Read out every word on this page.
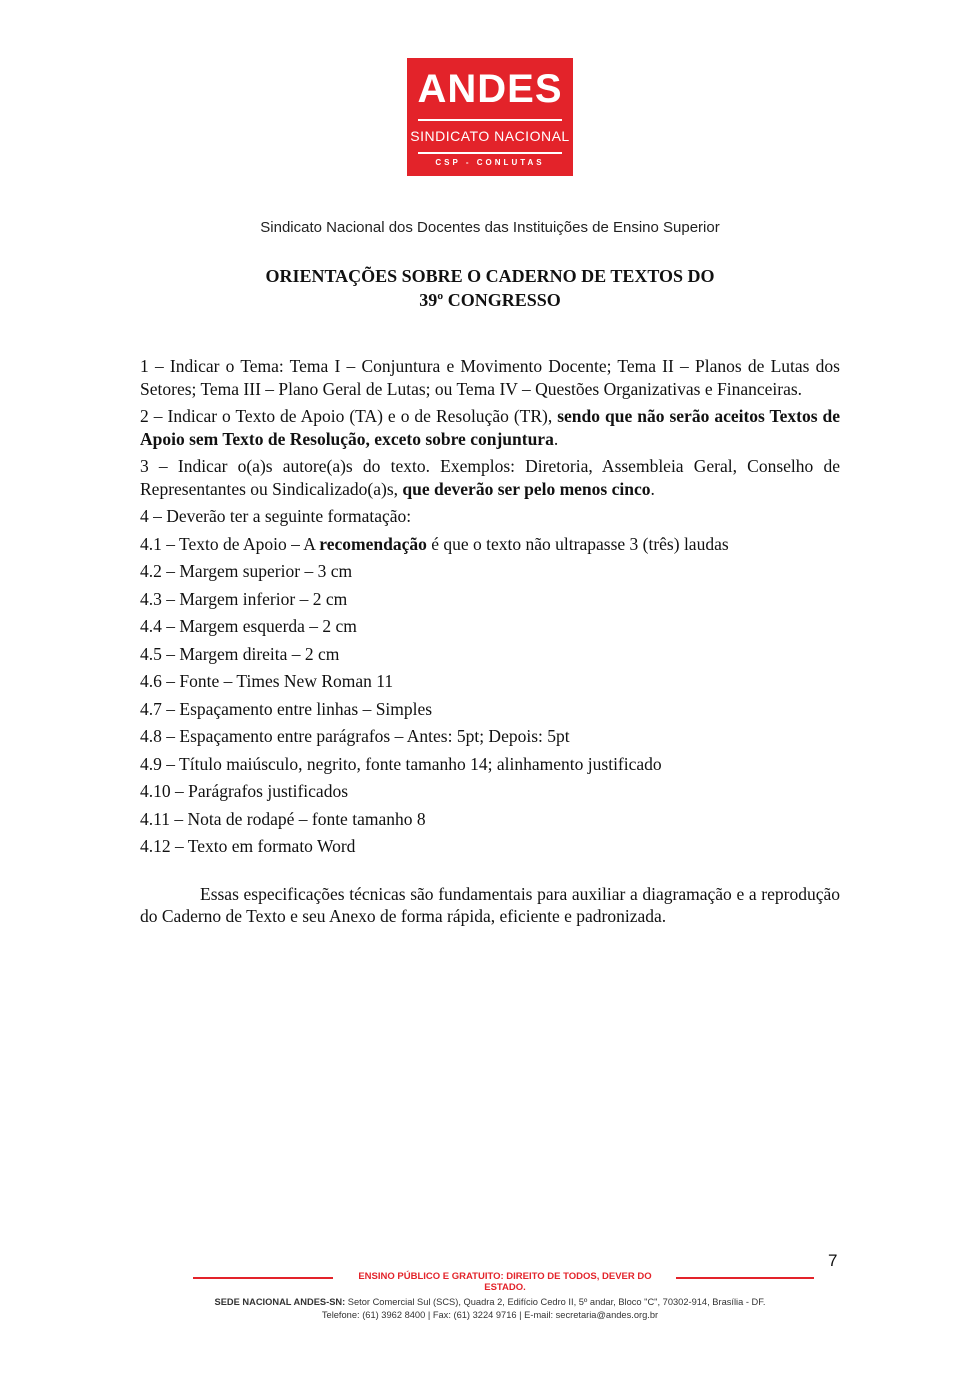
ANDES
SINDICATO NACIONAL
CSP - CONLUTAS
Sindicato Nacional dos Docentes das Instituições de Ensino Superior
ORIENTAÇÕES SOBRE O CADERNO DE TEXTOS DO
39º CONGRESSO

1 – Indicar o Tema: Tema I – Conjuntura e Movimento Docente; Tema II – Planos de Lutas dos Setores; Tema III – Plano Geral de Lutas; ou Tema IV – Questões Organizativas e Financeiras.

2 – Indicar o Texto de Apoio (TA) e o de Resolução (TR), sendo que não serão aceitos Textos de Apoio sem Texto de Resolução, exceto sobre conjuntura.

3 – Indicar o(a)s autore(a)s do texto. Exemplos: Diretoria, Assembleia Geral, Conselho de Representantes ou Sindicalizado(a)s, que deverão ser pelo menos cinco.

4 – Deverão ter a seguinte formatação:

4.1 – Texto de Apoio – A recomendação é que o texto não ultrapasse 3 (três) laudas

4.2 – Margem superior – 3 cm

4.3 – Margem inferior – 2 cm

4.4 – Margem esquerda – 2 cm

4.5 – Margem direita – 2 cm

4.6 – Fonte – Times New Roman 11

4.7 – Espaçamento entre linhas – Simples

4.8 – Espaçamento entre parágrafos – Antes: 5pt; Depois: 5pt

4.9 – Título maiúsculo, negrito, fonte tamanho 14; alinhamento justificado

4.10 – Parágrafos justificados

4.11 – Nota de rodapé – fonte tamanho 8

4.12 – Texto em formato Word

Essas especificações técnicas são fundamentais para auxiliar a diagramação e a reprodução do Caderno de Texto e seu Anexo de forma rápida, eficiente e padronizada.

7
ENSINO PÚBLICO E GRATUITO: DIREITO DE TODOS, DEVER DO ESTADO.
SEDE NACIONAL ANDES-SN: Setor Comercial Sul (SCS), Quadra 2, Edifício Cedro II, 5º andar, Bloco "C", 70302-914, Brasília - DF.
Telefone: (61) 3962 8400 | Fax: (61) 3224 9716 | E-mail: secretaria@andes.org.br
